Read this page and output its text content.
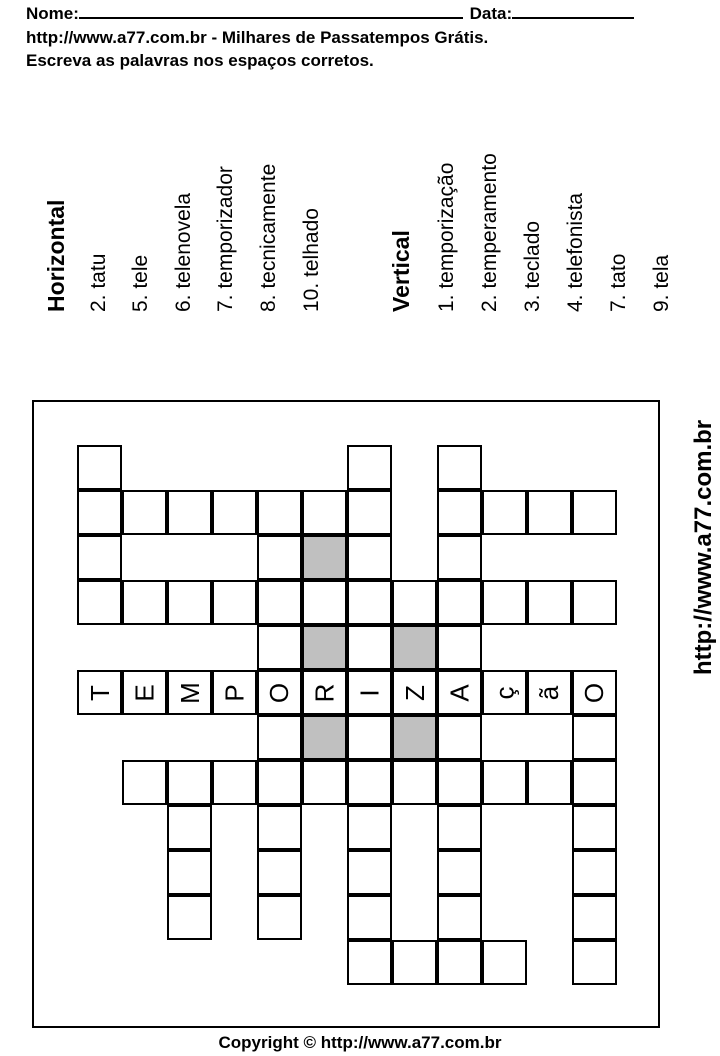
Nome:	Data:
http://www.a77.com.br - Milhares de Passatempos Grátis.
Escreva as palavras nos espaços corretos.
Horizontal 2. tatu 5. tele 6. telenovela 7. temporizador 8. tecnicamente 10. telhado	Vertical	1. temporização 2. temperamento 3. teclado 4. telefonista 7. tato 9. tela
T E M P O R I Z A ç ã O
http://www.a77.com.br
Copyright © http://www.a77.com.br
